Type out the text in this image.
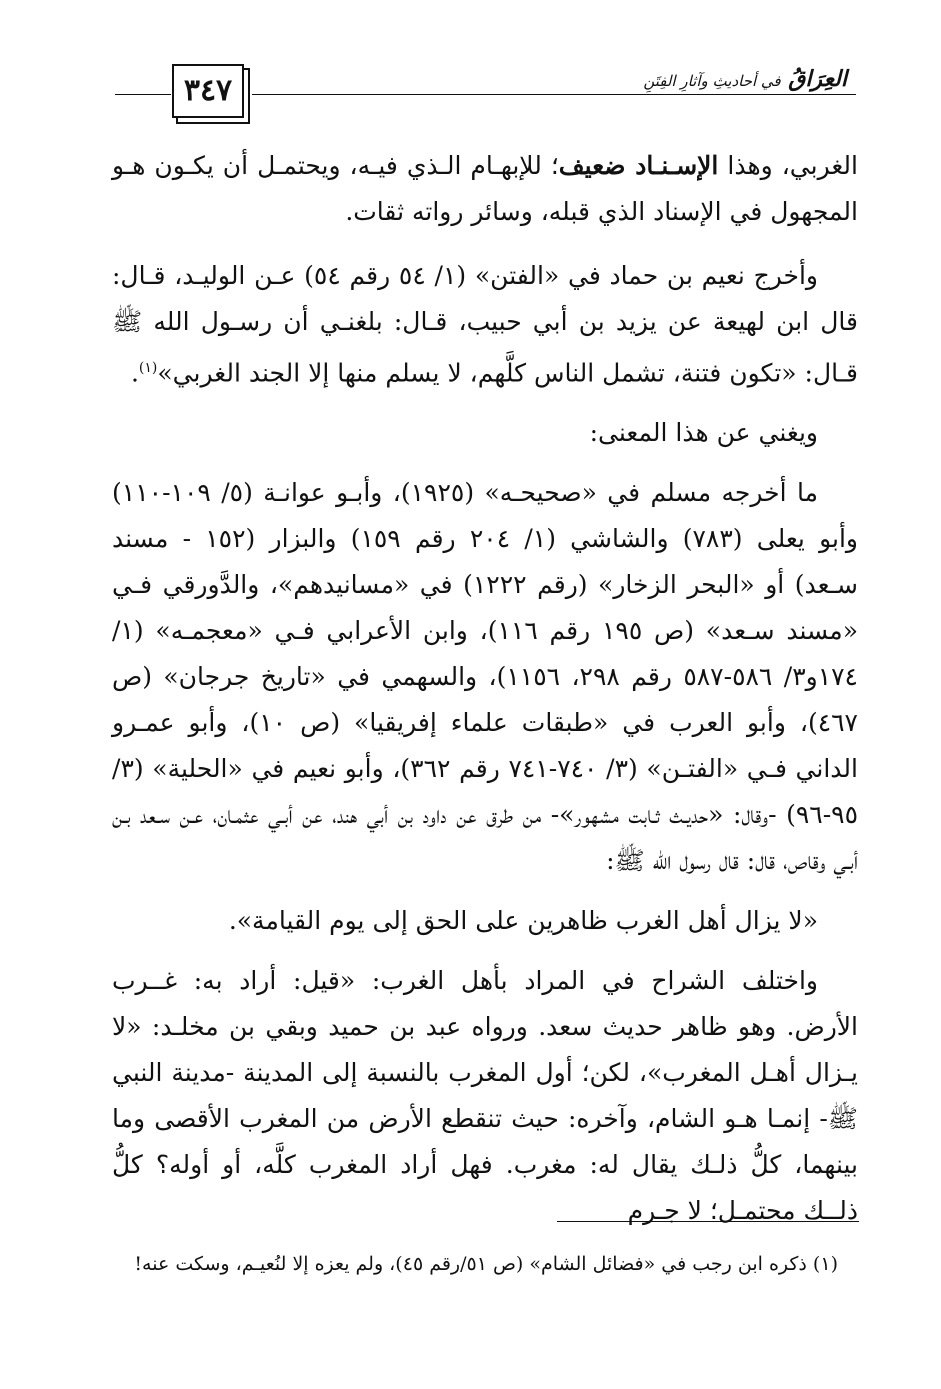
٣٤٧	العِرَاقُ في أحاديثِ وآثارِ الفِتَنِ

الغربي، وهذا الإسـنـاد ضعيف؛ للإبهـام الـذي فيـه، ويحتمـل أن يكـون هـو المجهول في الإسناد الذي قبله، وسائر رواته ثقات.

وأخرج نعيم بن حماد في «الفتن» (١/ ٥٤ رقم ٥٤) عـن الوليـد، قـال: قال ابن لهيعة عن يزيد بن أبي حبيب، قـال: بلغنـي أن رسـول الله ﷺ قـال: «تكون فتنة، تشمل الناس كلَّهم، لا يسلم منها إلا الجند الغربي»$^{(١)}$.

ويغني عن هذا المعنى:

ما أخرجه مسلم في «صحيحـه» (١٩٢٥)، وأبـو عوانـة (٥/ ١٠٩-١١٠) وأبو يعلى (٧٨٣) والشاشي (١/ ٢٠٤ رقم ١٥٩) والبزار (١٥٢ - مسند سـعد) أو «البحر الزخار» (رقم ١٢٢٢) في «مسانيدهم»، والدَّورقي فـي «مسند سـعد» (ص ١٩٥ رقم ١١٦)، وابن الأعرابي فـي «معجمـه» (١/ ١٧٤و٣/ ٥٨٦-٥٨٧ رقم ٢٩٨، ١١٥٦)، والسهمي في «تاريخ جرجان» (ص ٤٦٧)، وأبو العرب في «طبقات علماء إفريقيا» (ص ١٠)، وأبو عمـرو الداني فـي «الفتـن» (٣/ ٧٤٠-٧٤١ رقم ٣٦٢)، وأبو نعيم في «الحلية» (٣/ ٩٥-٩٦) -وقال: «حديـث ثـابت مشهور»- من طرق عن داود بن أبي هند، عن أبـي عثمـان، عـن سـعد بـن أبـي وقاص، قال: قال رسول الله ﷺ:

«لا يزال أهل الغرب ظاهرين على الحق إلى يوم القيامة».

واختلف الشراح في المراد بأهل الغرب: «قيل: أراد به: غــرب الأرض. وهو ظاهر حديث سعد. ورواه عبد بن حميد وبقي بن مخلـد: «لا يـزال أهـل المغرب»، لكن؛ أول المغرب بالنسبة إلى المدينة -مدينة النبي ﷺ- إنمـا هـو الشام، وآخره: حيث تنقطع الأرض من المغرب الأقصى وما بينهما، كلُّ ذلـك يقال له: مغرب. فهل أراد المغرب كلَّه، أو أوله؟ كلُّ ذلــك محتمـل؛ لا جـرم

(١) ذكره ابن رجب في «فضائل الشام» (ص ٥١/رقم ٤٥)، ولم يعزه إلا لنُعيـم، وسكت عنه!
